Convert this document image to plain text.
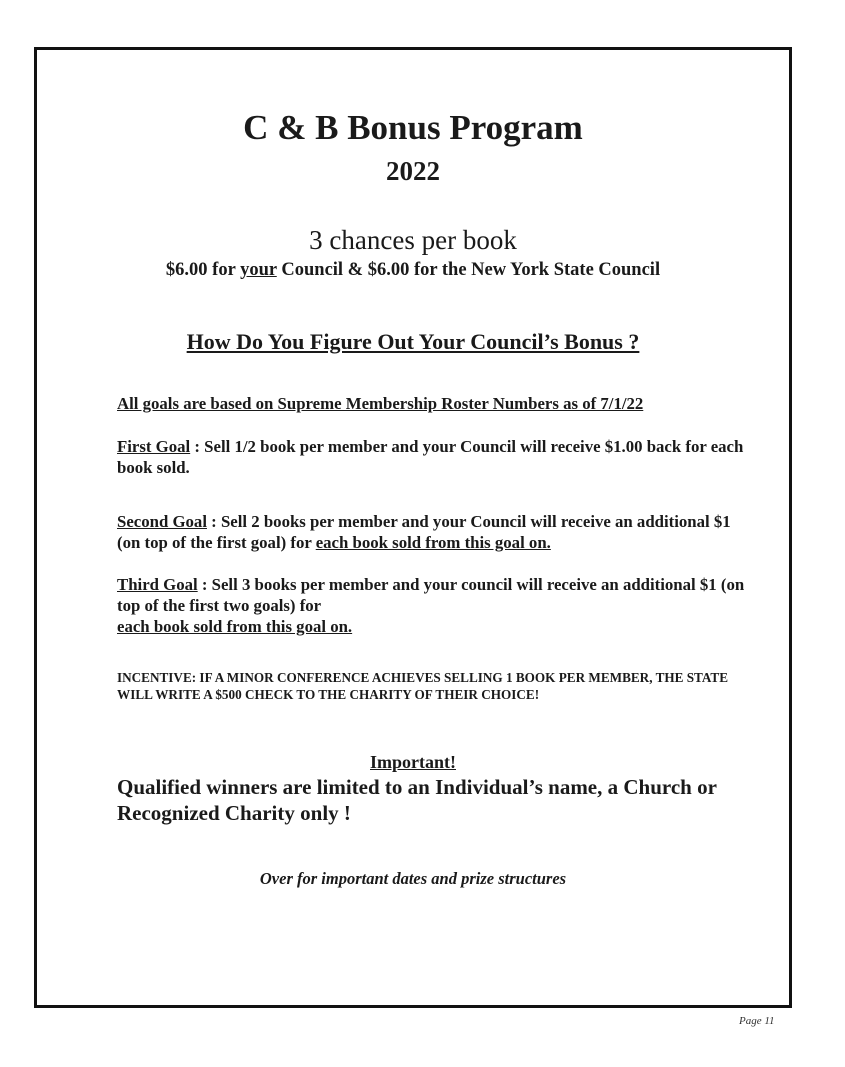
C & B Bonus Program
2022
3 chances per book
$6.00 for your Council & $6.00 for the New York State Council
How Do You Figure Out Your Council’s Bonus ?
All goals are based on Supreme Membership Roster Numbers as of 7/1/22
First Goal : Sell 1/2 book per member and your Council will receive $1.00 back for each book sold.
Second Goal : Sell 2 books per member and your Council will receive an additional $1 (on top of the first goal) for each book sold from this goal on.
Third Goal : Sell 3 books per member and your council will receive an additional $1 (on top of the first two goals) for
each book sold from this goal on.
INCENTIVE: IF A MINOR CONFERENCE ACHIEVES SELLING 1 BOOK PER MEMBER, THE STATE WILL WRITE A $500 CHECK TO THE CHARITY OF THEIR CHOICE!
Important!
Qualified winners are limited to an Individual’s name, a Church or Recognized Charity only !
Over for important dates and prize structures
Page 11
